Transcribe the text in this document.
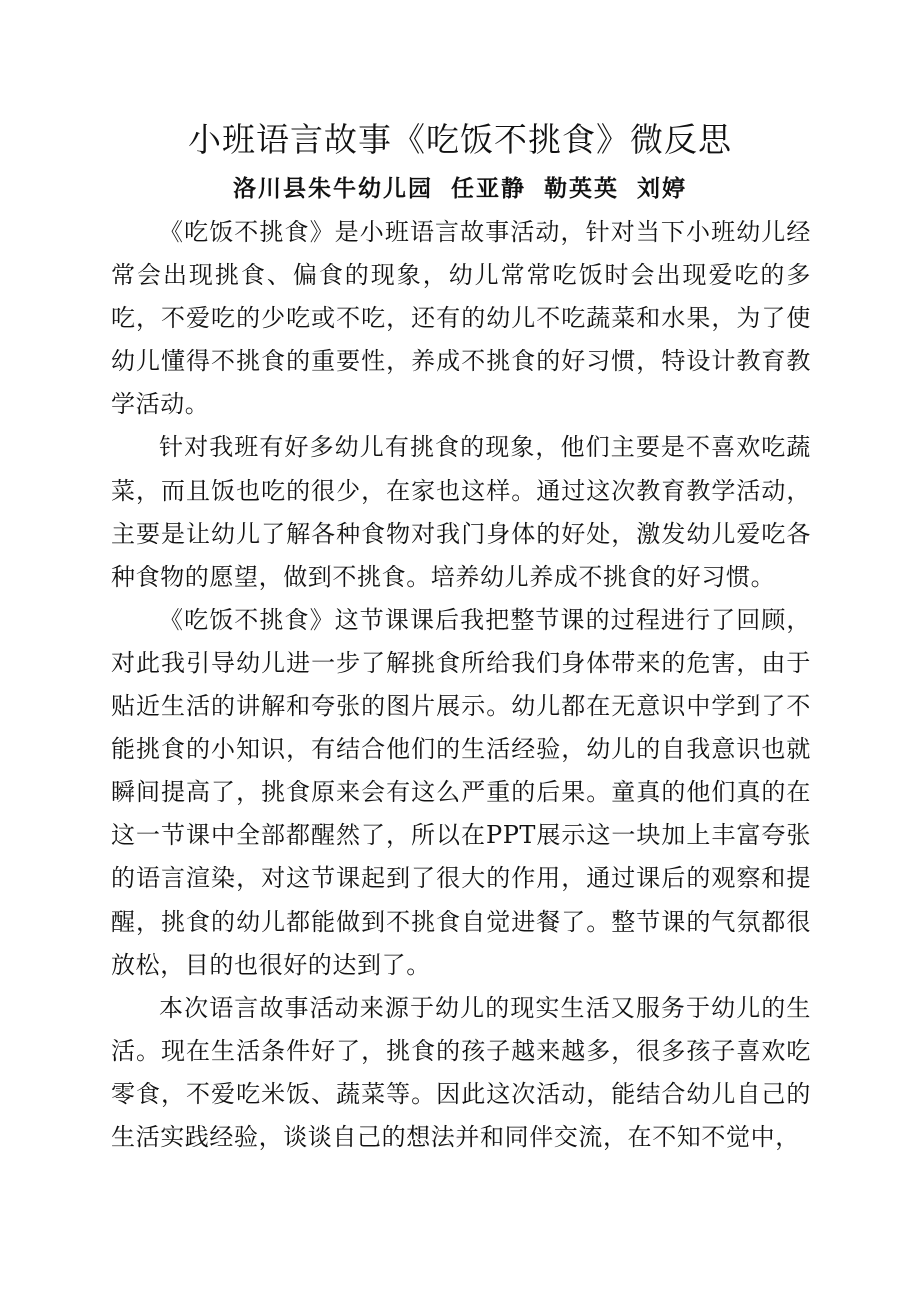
小班语言故事《吃饭不挑食》微反思
洛川县朱牛幼儿园 任亚静 勒英英 刘婷

《吃饭不挑食》是小班语言故事活动，针对当下小班幼儿经常会出现挑食、偏食的现象，幼儿常常吃饭时会出现爱吃的多吃，不爱吃的少吃或不吃，还有的幼儿不吃蔬菜和水果，为了使幼儿懂得不挑食的重要性，养成不挑食的好习惯，特设计教育教学活动。

针对我班有好多幼儿有挑食的现象，他们主要是不喜欢吃蔬菜，而且饭也吃的很少，在家也这样。通过这次教育教学活动，主要是让幼儿了解各种食物对我门身体的好处，激发幼儿爱吃各种食物的愿望，做到不挑食。培养幼儿养成不挑食的好习惯。

《吃饭不挑食》这节课课后我把整节课的过程进行了回顾，对此我引导幼儿进一步了解挑食所给我们身体带来的危害，由于贴近生活的讲解和夸张的图片展示。幼儿都在无意识中学到了不能挑食的小知识，有结合他们的生活经验，幼儿的自我意识也就瞬间提高了，挑食原来会有这么严重的后果。童真的他们真的在这一节课中全部都醒然了，所以在PPT展示这一块加上丰富夸张的语言渲染，对这节课起到了很大的作用，通过课后的观察和提醒，挑食的幼儿都能做到不挑食自觉进餐了。整节课的气氛都很放松，目的也很好的达到了。

本次语言故事活动来源于幼儿的现实生活又服务于幼儿的生活。现在生活条件好了，挑食的孩子越来越多，很多孩子喜欢吃零食，不爱吃米饭、蔬菜等。因此这次活动，能结合幼儿自己的生活实践经验，谈谈自己的想法并和同伴交流，在不知不觉中，
